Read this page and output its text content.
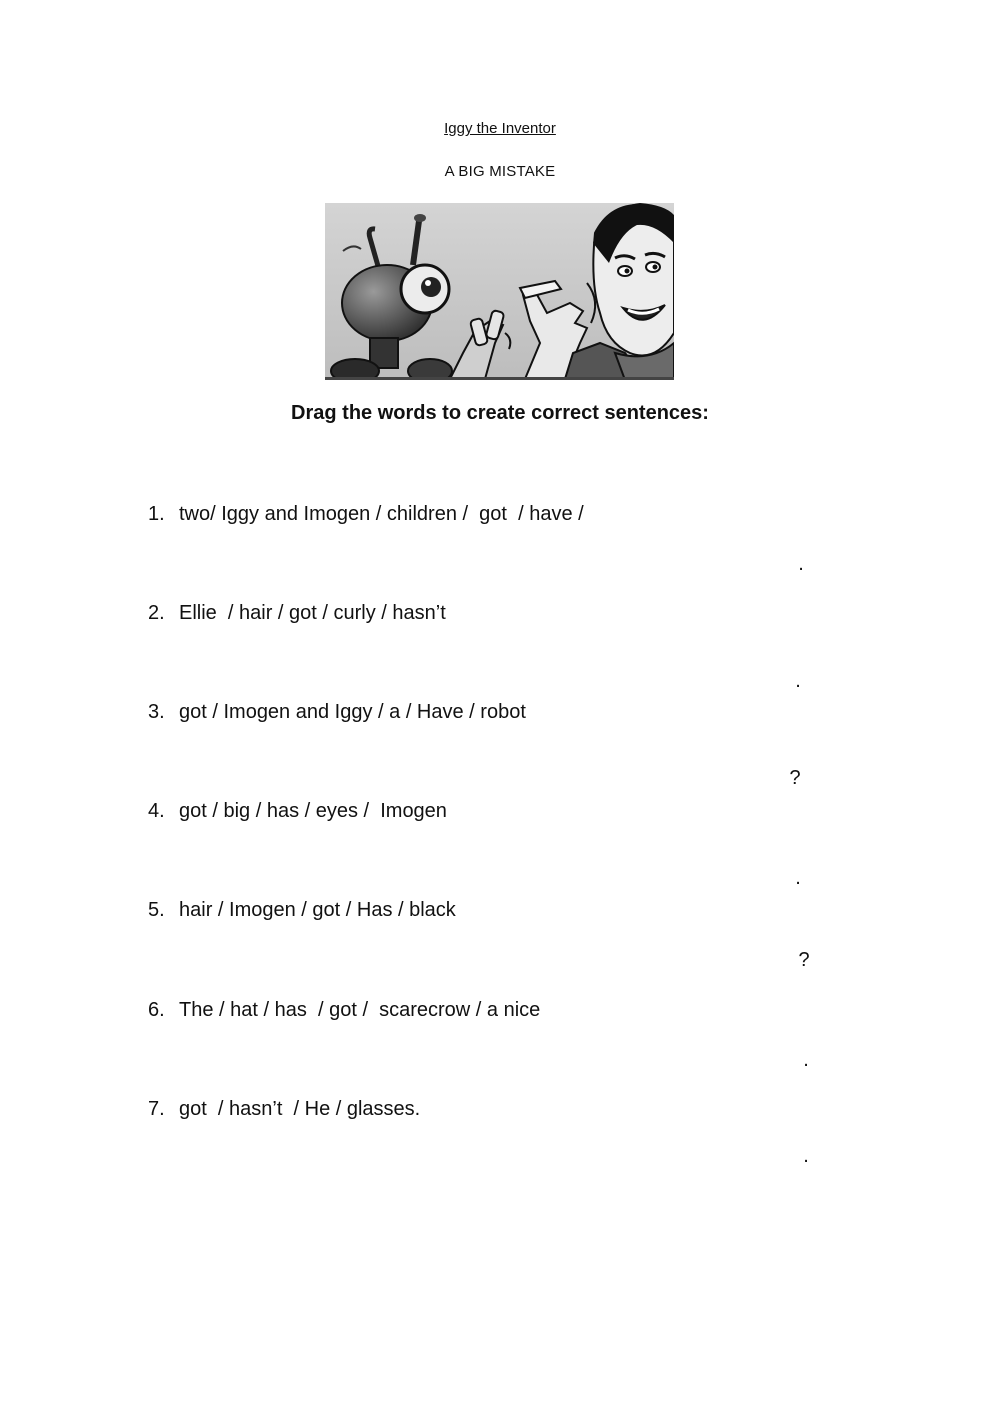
Iggy the Inventor
A BIG MISTAKE
Drag the words to create correct sentences:
1. two/ Iggy and Imogen / children /  got  / have /
.
2. Ellie  / hair / got / curly / hasn’t
.
3. got / Imogen and Iggy / a / Have / robot
?
4. got / big / has / eyes /  Imogen
.
5. hair / Imogen / got / Has / black
?
6. The / hat / has  / got /  scarecrow / a nice
.
7. got  / hasn’t  / He / glasses.
.
